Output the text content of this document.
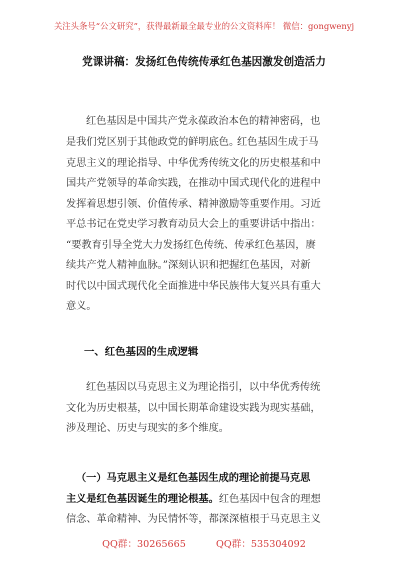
关注头条号“公文研究”，获得最新最全最专业的公文资料库！ 微信：gongwenyj
党课讲稿：发扬红色传统传承红色基因激发创造活力
红色基因是中国共产党永葆政治本色的精神密码，也
是我们党区别于其他政党的鲜明底色。
红色基因生成于马
克思主义的理论指导、中华优秀传统文化的历史根基和中
国共产党领导的革命实践，在推动中国式现代化的进程中
发挥着思想引领、价值传承、精神激励等重要作用。习近
平总书记在党史学习教育动员大会上的重要讲话中指出：
“要教育引导全党大力发扬红色传统、传承红色基因，赓
续共产党人精神血脉。”深刻认识和把握红色基因，对新
时代以中国式现代化全面推进中华民族伟大复兴具有重大
意义。
一、红色基因的生成逻辑
红色基因以马克思主义为理论指引，以中华优秀传统
文化为历史根基，以中国长期革命建设实践为现实基础，
涉及理论、历史与现实的多个维度。
（一）马克思主义是红色基因生成的理论前提马克思
主义是红色基因诞生的理论根基。红色基因中包含的理想
信念、革命精神、为民情怀等，都深深植根于马克思主义
QQ群：30265665	QQ群：535304092
